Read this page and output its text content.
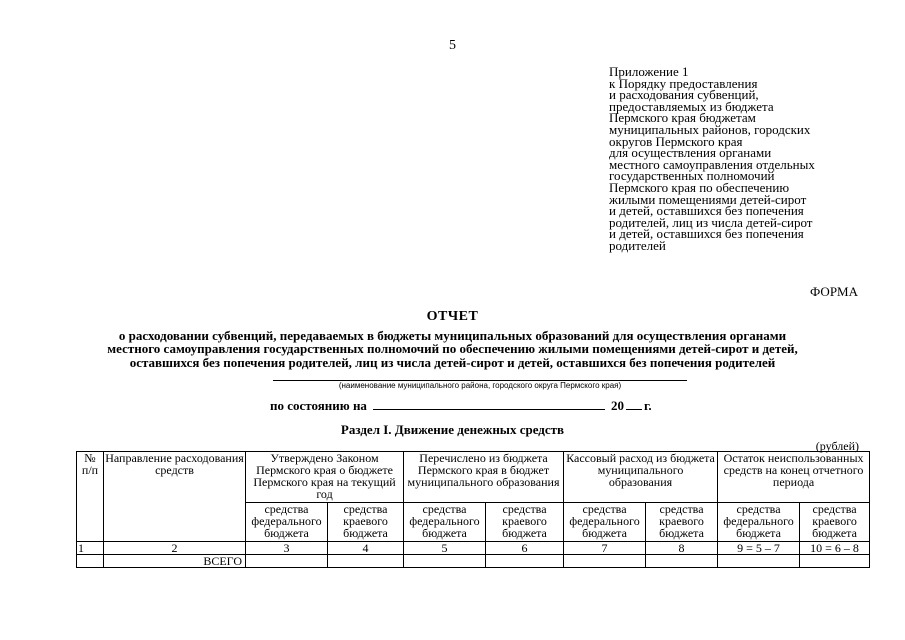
5
Приложение 1
к Порядку предоставления
и расходования субвенций,
предоставляемых из бюджета
Пермского края бюджетам
муниципальных районов, городских
округов Пермского края
для осуществления органами
местного самоуправления отдельных
государственных полномочий
Пермского края по обеспечению
жилыми помещениями детей-сирот
и детей, оставшихся без попечения
родителей, лиц из числа детей-сирот
и детей, оставшихся без попечения
родителей
ФОРМА
ОТЧЕТ
о расходовании субвенций, передаваемых в бюджеты муниципальных образований для осуществления органами
местного самоуправления государственных полномочий по обеспечению жилыми помещениями детей-сирот и детей,
оставшихся без попечения родителей, лиц из числа детей-сирот и детей, оставшихся без попечения родителей
(наименование муниципального района, городского округа Пермского края)
по состоянию на	20 г.
Раздел I. Движение денежных средств
(рублей)
№ п/п	Направление расходования средств	Утверждено Законом Пермского края о бюджете Пермского края на текущий год		Перечислено из бюджета Пермского края в бюджет муниципального образования		Кассовый расход из бюджета муниципального образования		Остаток неиспользованных средств на конец отчетного периода	
		средства федерального бюджета	средства краевого бюджета	средства федерального бюджета	средства краевого бюджета	средства федерального бюджета	средства краевого бюджета	средства федерального бюджета	средства краевого бюджета
1	2	3	4	5	6	7	8	9 = 5 – 7	10 = 6 – 8
	ВСЕГО								
